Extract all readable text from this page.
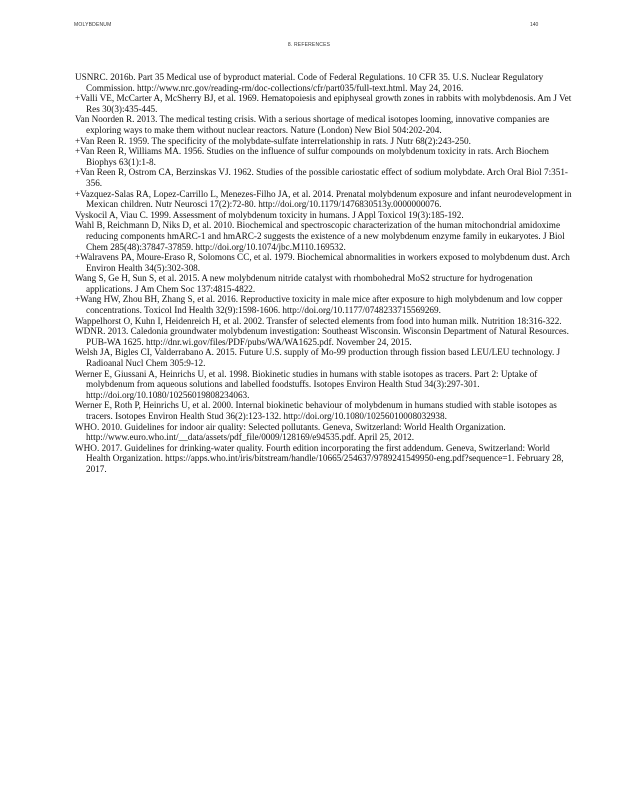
MOLYBDENUM	140
8. REFERENCES

USNRC. 2016b. Part 35 Medical use of byproduct material. Code of Federal Regulations. 10 CFR 35. U.S. Nuclear Regulatory Commission. http://www.nrc.gov/reading-rm/doc-collections/cfr/part035/full-text.html. May 24, 2016.

+Valli VE, McCarter A, McSherry BJ, et al. 1969. Hematopoiesis and epiphyseal growth zones in rabbits with molybdenosis. Am J Vet Res 30(3):435-445.

Van Noorden R. 2013. The medical testing crisis. With a serious shortage of medical isotopes looming, innovative companies are exploring ways to make them without nuclear reactors. Nature (London) New Biol 504:202-204.

+Van Reen R. 1959. The specificity of the molybdate-sulfate interrelationship in rats. J Nutr 68(2):243-250.

+Van Reen R, Williams MA. 1956. Studies on the influence of sulfur compounds on molybdenum toxicity in rats. Arch Biochem Biophys 63(1):1-8.

+Van Reen R, Ostrom CA, Berzinskas VJ. 1962. Studies of the possible cariostatic effect of sodium molybdate. Arch Oral Biol 7:351-356.

+Vazquez-Salas RA, Lopez-Carrillo L, Menezes-Filho JA, et al. 2014. Prenatal molybdenum exposure and infant neurodevelopment in Mexican children. Nutr Neurosci 17(2):72-80. http://doi.org/10.1179/1476830513y.0000000076.

Vyskocil A, Viau C. 1999. Assessment of molybdenum toxicity in humans. J Appl Toxicol 19(3):185-192.

Wahl B, Reichmann D, Niks D, et al. 2010. Biochemical and spectroscopic characterization of the human mitochondrial amidoxime reducing components hmARC-1 and hmARC-2 suggests the existence of a new molybdenum enzyme family in eukaryotes. J Biol Chem 285(48):37847-37859. http://doi.org/10.1074/jbc.M110.169532.

+Walravens PA, Moure-Eraso R, Solomons CC, et al. 1979. Biochemical abnormalities in workers exposed to molybdenum dust. Arch Environ Health 34(5):302-308.

Wang S, Ge H, Sun S, et al. 2015. A new molybdenum nitride catalyst with rhombohedral MoS2 structure for hydrogenation applications. J Am Chem Soc 137:4815-4822.

+Wang HW, Zhou BH, Zhang S, et al. 2016. Reproductive toxicity in male mice after exposure to high molybdenum and low copper concentrations. Toxicol Ind Health 32(9):1598-1606. http://doi.org/10.1177/0748233715569269.

Wappelhorst O, Kuhn I, Heidenreich H, et al. 2002. Transfer of selected elements from food into human milk. Nutrition 18:316-322.

WDNR. 2013. Caledonia groundwater molybdenum investigation: Southeast Wisconsin. Wisconsin Department of Natural Resources. PUB-WA 1625. http://dnr.wi.gov/files/PDF/pubs/WA/WA1625.pdf. November 24, 2015.

Welsh JA, Bigles CI, Valderrabano A. 2015. Future U.S. supply of Mo-99 production through fission based LEU/LEU technology. J Radioanal Nucl Chem 305:9-12.

Werner E, Giussani A, Heinrichs U, et al. 1998. Biokinetic studies in humans with stable isotopes as tracers. Part 2: Uptake of molybdenum from aqueous solutions and labelled foodstuffs. Isotopes Environ Health Stud 34(3):297-301. http://doi.org/10.1080/10256019808234063.

Werner E, Roth P, Heinrichs U, et al. 2000. Internal biokinetic behaviour of molybdenum in humans studied with stable isotopes as tracers. Isotopes Environ Health Stud 36(2):123-132. http://doi.org/10.1080/10256010008032938.

WHO. 2010. Guidelines for indoor air quality: Selected pollutants. Geneva, Switzerland: World Health Organization. http://www.euro.who.int/__data/assets/pdf_file/0009/128169/e94535.pdf. April 25, 2012.

WHO. 2017. Guidelines for drinking-water quality. Fourth edition incorporating the first addendum. Geneva, Switzerland: World Health Organization. https://apps.who.int/iris/bitstream/handle/10665/254637/9789241549950-eng.pdf?sequence=1. February 28, 2017.
